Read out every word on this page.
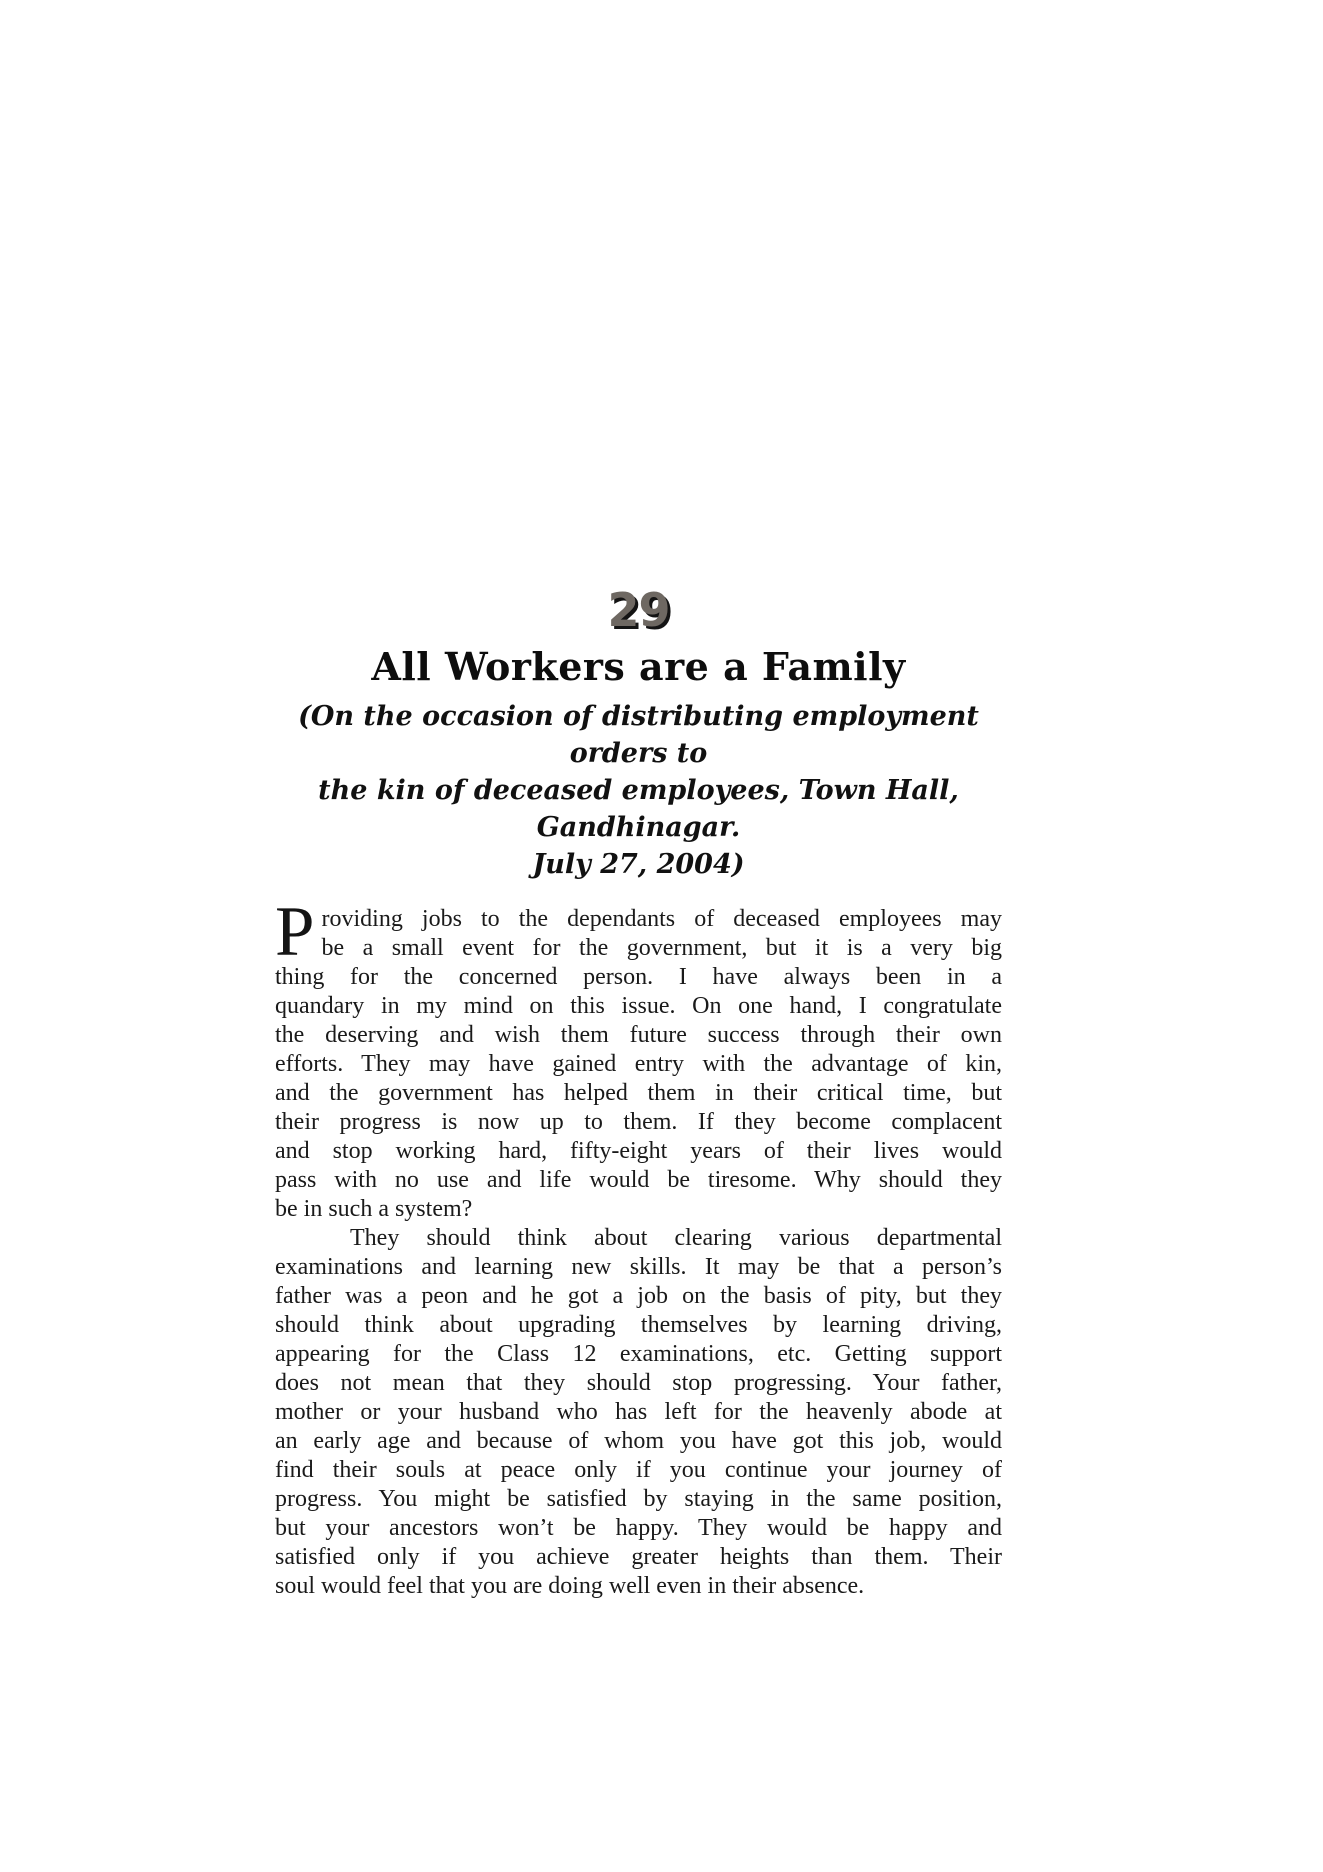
29
All Workers are a Family
(On the occasion of distributing employment orders to
the kin of deceased employees, Town Hall, Gandhinagar.
July 27, 2004)
P roviding jobs to the dependants of deceased employees may
be a small event for the government, but it is a very big
thing for the concerned person. I have always been in a
quandary in my mind on this issue. On one hand, I congratulate
the deserving and wish them future success through their own
efforts. They may have gained entry with the advantage of kin,
and the government has helped them in their critical time, but
their progress is now up to them. If they become complacent
and stop working hard, fifty-eight years of their lives would
pass with no use and life would be tiresome. Why should they
be in such a system?
They should think about clearing various departmental
examinations and learning new skills. It may be that a person’s
father was a peon and he got a job on the basis of pity, but they
should think about upgrading themselves by learning driving,
appearing for the Class 12 examinations, etc. Getting support
does not mean that they should stop progressing. Your father,
mother or your husband who has left for the heavenly abode at
an early age and because of whom you have got this job, would
find their souls at peace only if you continue your journey of
progress. You might be satisfied by staying in the same position,
but your ancestors won’t be happy. They would be happy and
satisfied only if you achieve greater heights than them. Their
soul would feel that you are doing well even in their absence.
